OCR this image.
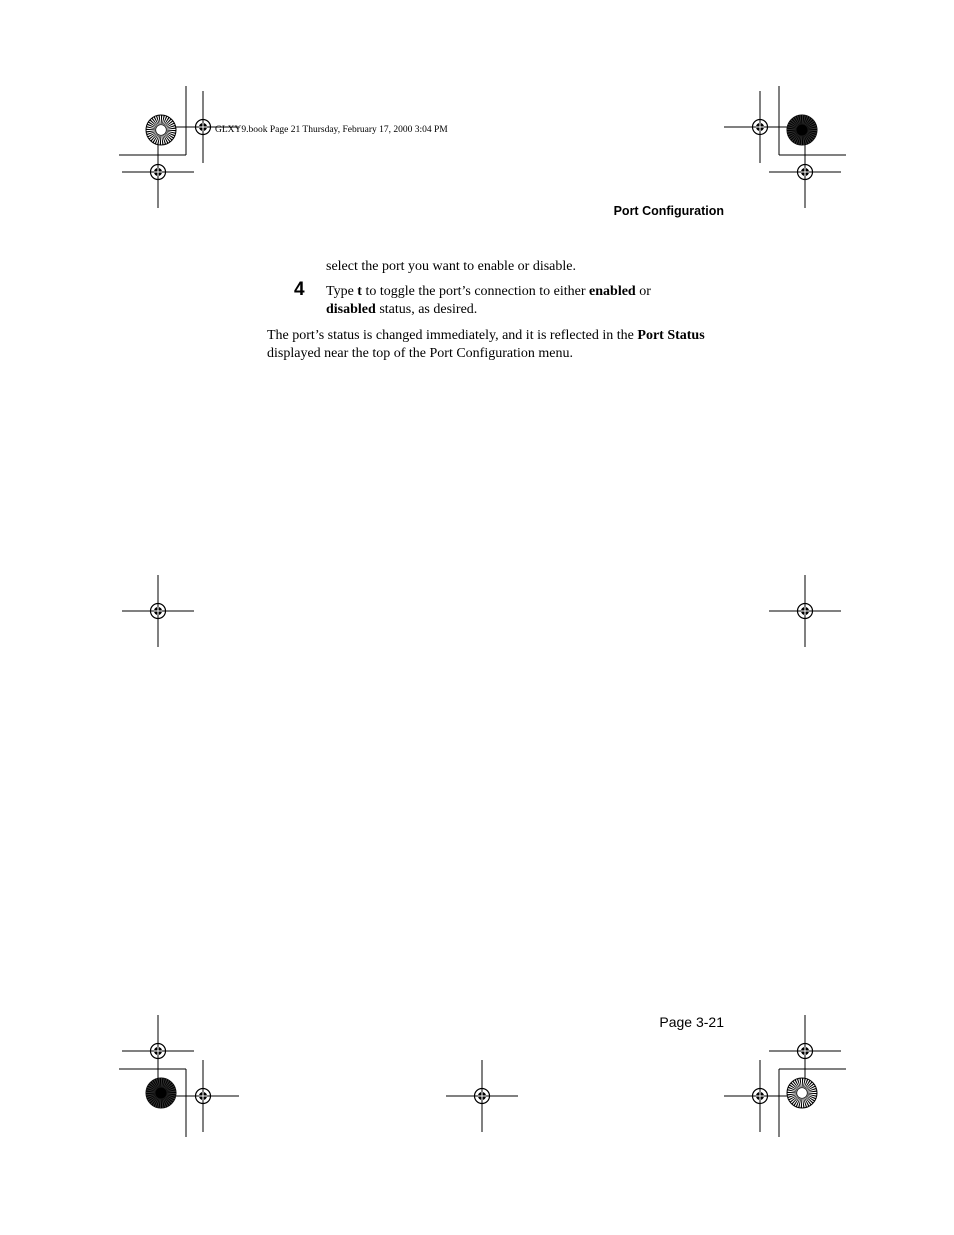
GLXY9.book Page 21 Thursday, February 17, 2000 3:04 PM
Port Configuration
select the port you want to enable or disable.
4 Type t to toggle the port’s connection to either enabled or
disabled status, as desired.
The port’s status is changed immediately, and it is reflected in the Port Status
displayed near the top of the Port Configuration menu.
Page 3-21
